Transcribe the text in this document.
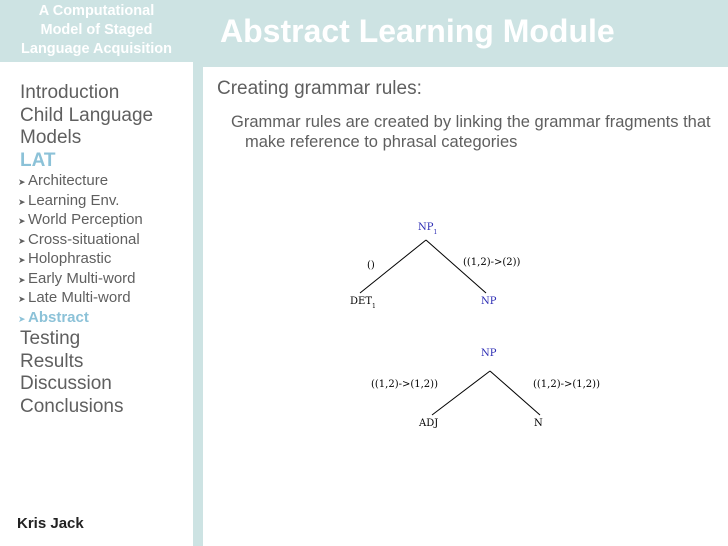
A Computational
Model of Staged
Language Acquisition
Introduction
Child Language
Models
LAT
➤ Architecture
➤ Learning Env.
➤ World Perception
➤ Cross-situational
➤ Holophrastic
➤ Early Multi-word
➤ Late Multi-word
➤ Abstract
Testing
Results
Discussion
Conclusions
Kris Jack
Abstract Learning Module
Creating grammar rules:
Grammar rules are created by linking the grammar fragments that make reference to phrasal categories
$NP_1$
()	((1,2)->(2))
$DET_1$	NP
NP
((1,2)->(1,2))	((1,2)->(1,2))
ADJ	N
